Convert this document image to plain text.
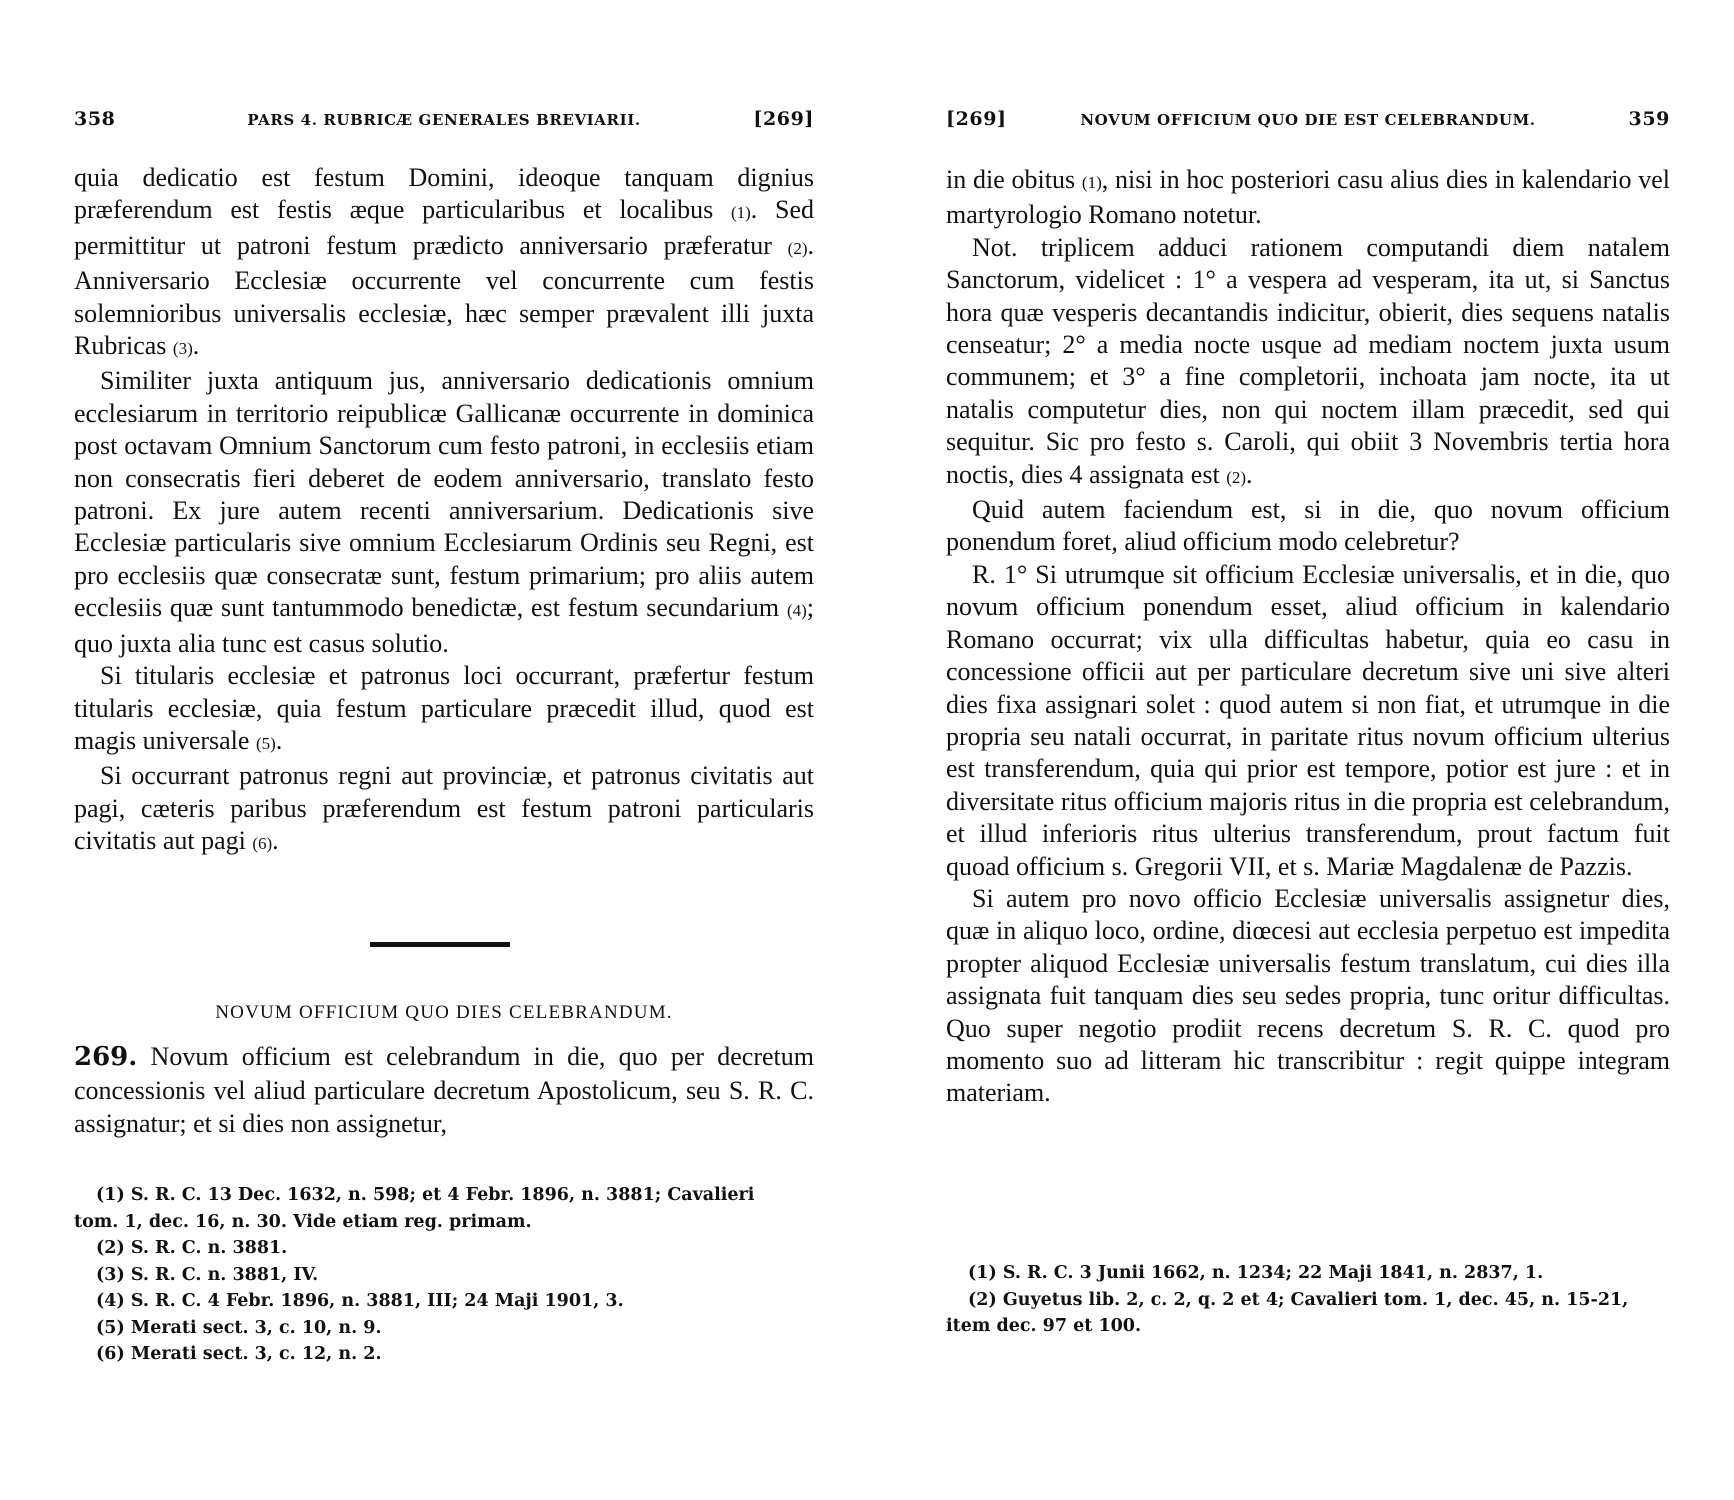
358	PARS 4. RUBRICÆ GENERALES BREVIARII.	[269]

quia dedicatio est festum Domini, ideoque tanquam dignius præferendum est festis æque particularibus et localibus (1). Sed permittitur ut patroni festum prædicto anniversario præferatur (2). Anniversario Ecclesiæ occurrente vel concurrente cum festis solemnioribus universalis ecclesiæ, hæc semper prævalent illi juxta Rubricas (3).

Similiter juxta antiquum jus, anniversario dedicationis omnium ecclesiarum in territorio reipublicæ Gallicanæ occurrente in dominica post octavam Omnium Sanctorum cum festo patroni, in ecclesiis etiam non consecratis fieri deberet de eodem anniversario, translato festo patroni. Ex jure autem recenti anniversarium. Dedicationis sive Ecclesiæ particularis sive omnium Ecclesiarum Ordinis seu Regni, est pro ecclesiis quæ consecratæ sunt, festum primarium; pro aliis autem ecclesiis quæ sunt tantummodo benedictæ, est festum secundarium (4); quo juxta alia tunc est casus solutio.

Si titularis ecclesiæ et patronus loci occurrant, præfertur festum titularis ecclesiæ, quia festum particulare præcedit illud, quod est magis universale (5).

Si occurrant patronus regni aut provinciæ, et patronus civitatis aut pagi, cæteris paribus præferendum est festum patroni particularis civitatis aut pagi (6).

NOVUM OFFICIUM QUO DIES CELEBRANDUM.
269. Novum officium est celebrandum in die, quo per decretum concessionis vel aliud particulare decretum Apostolicum, seu S. R. C. assignatur; et si dies non assignetur,
(1) S. R. C. 13 Dec. 1632, n. 598; et 4 Febr. 1896, n. 3881; Cavalieri
tom. 1, dec. 16, n. 30. Vide etiam reg. primam.
(2) S. R. C. n. 3881.
(3) S. R. C. n. 3881, IV.
(4) S. R. C. 4 Febr. 1896, n. 3881, III; 24 Maji 1901, 3.
(5) Merati sect. 3, c. 10, n. 9.
(6) Merati sect. 3, c. 12, n. 2.
[269]	NOVUM OFFICIUM QUO DIE EST CELEBRANDUM.	359

in die obitus (1), nisi in hoc posteriori casu alius dies in kalendario vel martyrologio Romano notetur.

Not. triplicem adduci rationem computandi diem natalem Sanctorum, videlicet : 1° a vespera ad vesperam, ita ut, si Sanctus hora quæ vesperis decantandis indicitur, obierit, dies sequens natalis censeatur; 2° a media nocte usque ad mediam noctem juxta usum communem; et 3° a fine completorii, inchoata jam nocte, ita ut natalis computetur dies, non qui noctem illam præcedit, sed qui sequitur. Sic pro festo s. Caroli, qui obiit 3 Novembris tertia hora noctis, dies 4 assignata est (2).

Quid autem faciendum est, si in die, quo novum officium ponendum foret, aliud officium modo celebretur?

R. 1° Si utrumque sit officium Ecclesiæ universalis, et in die, quo novum officium ponendum esset, aliud officium in kalendario Romano occurrat; vix ulla difficultas habetur, quia eo casu in concessione officii aut per particulare decretum sive uni sive alteri dies fixa assignari solet : quod autem si non fiat, et utrumque in die propria seu natali occurrat, in paritate ritus novum officium ulterius est transferendum, quia qui prior est tempore, potior est jure : et in diversitate ritus officium majoris ritus in die propria est celebrandum, et illud inferioris ritus ulterius transferendum, prout factum fuit quoad officium s. Gregorii VII, et s. Mariæ Magdalenæ de Pazzis.

Si autem pro novo officio Ecclesiæ universalis assignetur dies, quæ in aliquo loco, ordine, diœcesi aut ecclesia perpetuo est impedita propter aliquod Ecclesiæ universalis festum translatum, cui dies illa assignata fuit tanquam dies seu sedes propria, tunc oritur difficultas. Quo super negotio prodiit recens decretum S. R. C. quod pro momento suo ad litteram hic transcribitur : regit quippe integram materiam.

(1) S. R. C. 3 Junii 1662, n. 1234; 22 Maji 1841, n. 2837, 1.
(2) Guyetus lib. 2, c. 2, q. 2 et 4; Cavalieri tom. 1, dec. 45, n. 15-21,
item dec. 97 et 100.
